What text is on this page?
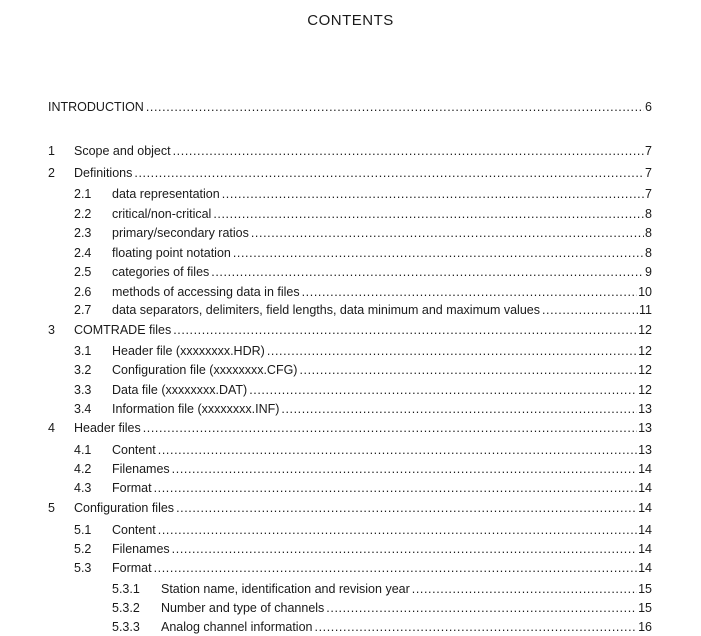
CONTENTS
INTRODUCTION .....	6
1 Scope and object .....	7
2 Definitions .....	7
2.1 data representation .....	7
2.2 critical/non-critical .....	8
2.3 primary/secondary ratios .....	8
2.4 floating point notation .....	8
2.5 categories of files .....	9
2.6 methods of accessing data in files .....	10
2.7 data separators, delimiters, field lengths, data minimum and maximum values .....	11
3 COMTRADE files .....	12
3.1 Header file (xxxxxxxx.HDR) .....	12
3.2 Configuration file (xxxxxxxx.CFG) .....	12
3.3 Data file (xxxxxxxx.DAT) .....	12
3.4 Information file (xxxxxxxx.INF) .....	13
4 Header files .....	13
4.1 Content .....	13
4.2 Filenames .....	14
4.3 Format .....	14
5 Configuration files .....	14
5.1 Content .....	14
5.2 Filenames .....	14
5.3 Format .....	14
5.3.1 Station name, identification and revision year .....	15
5.3.2 Number and type of channels .....	15
5.3.3 Analog channel information .....	16
